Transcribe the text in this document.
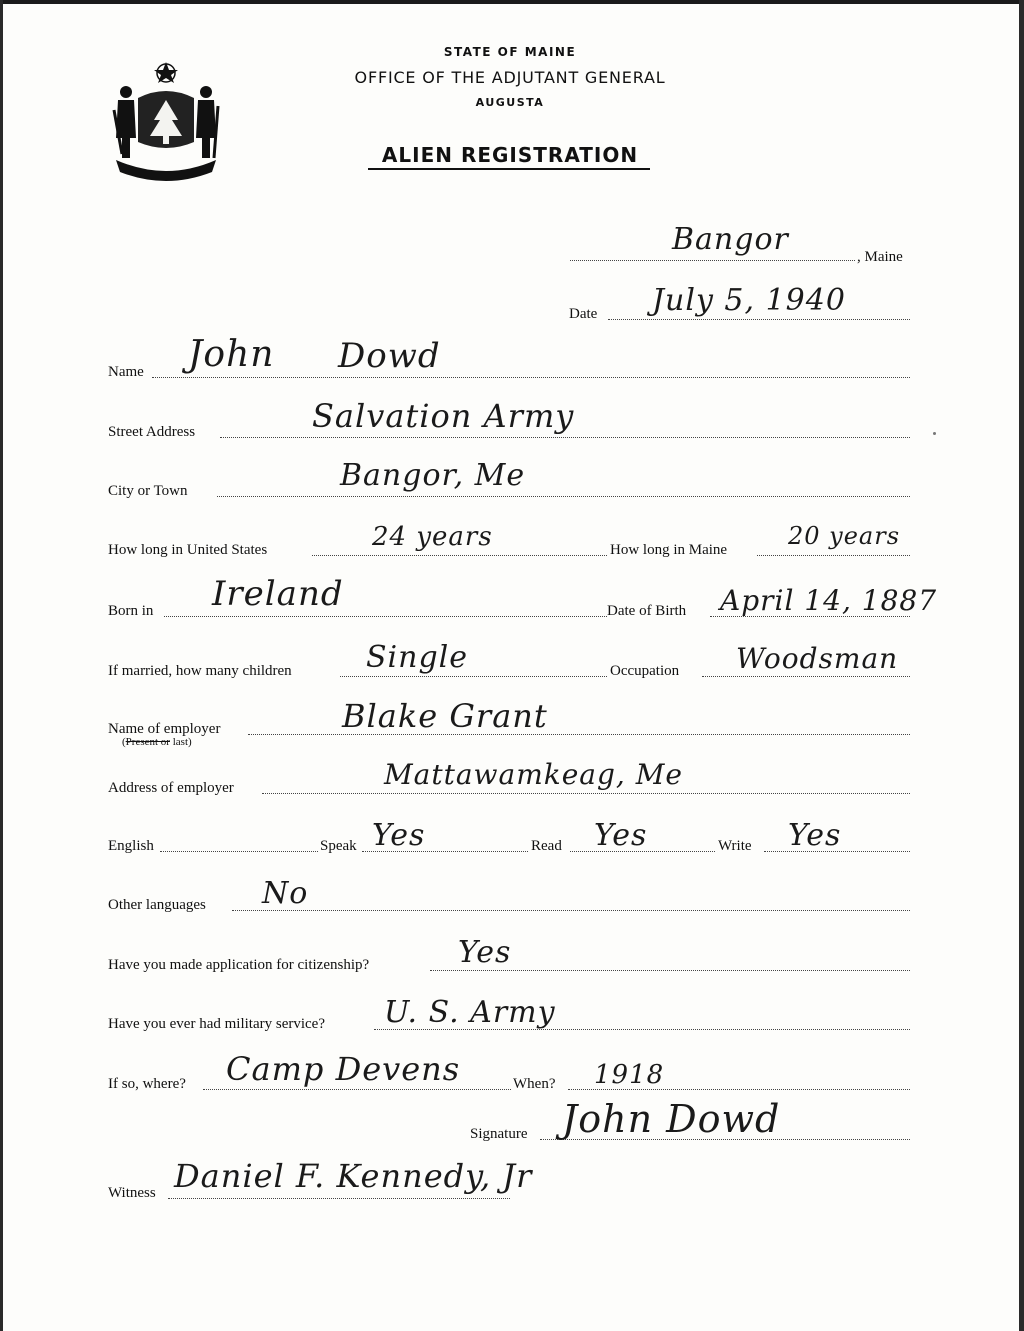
STATE OF MAINE
OFFICE OF THE ADJUTANT GENERAL
AUGUSTA
ALIEN REGISTRATION
, Maine
Bangor
Date July 5, 1940
Name John Dowd
Street Address	Salvation Army
City or Town	Bangor, Me
How long in United States	24 years	How long in Maine	20 years
Born in Ireland	Date of Birth April 14, 1887
If married, how many children Single	Occupation Woodsman
Name of employer
(Present or last)
Blake Grant
Address of employer	Mattawamkeag, Me
English	Speak Yes	Read Yes	Write Yes
Other languages No
Have you made application for citizenship?	Yes
Have you ever had military service? U. S. Army
If so, where? Camp Devens	When? 1918
Signature John Dowd
Witness Daniel F. Kennedy, Jr
